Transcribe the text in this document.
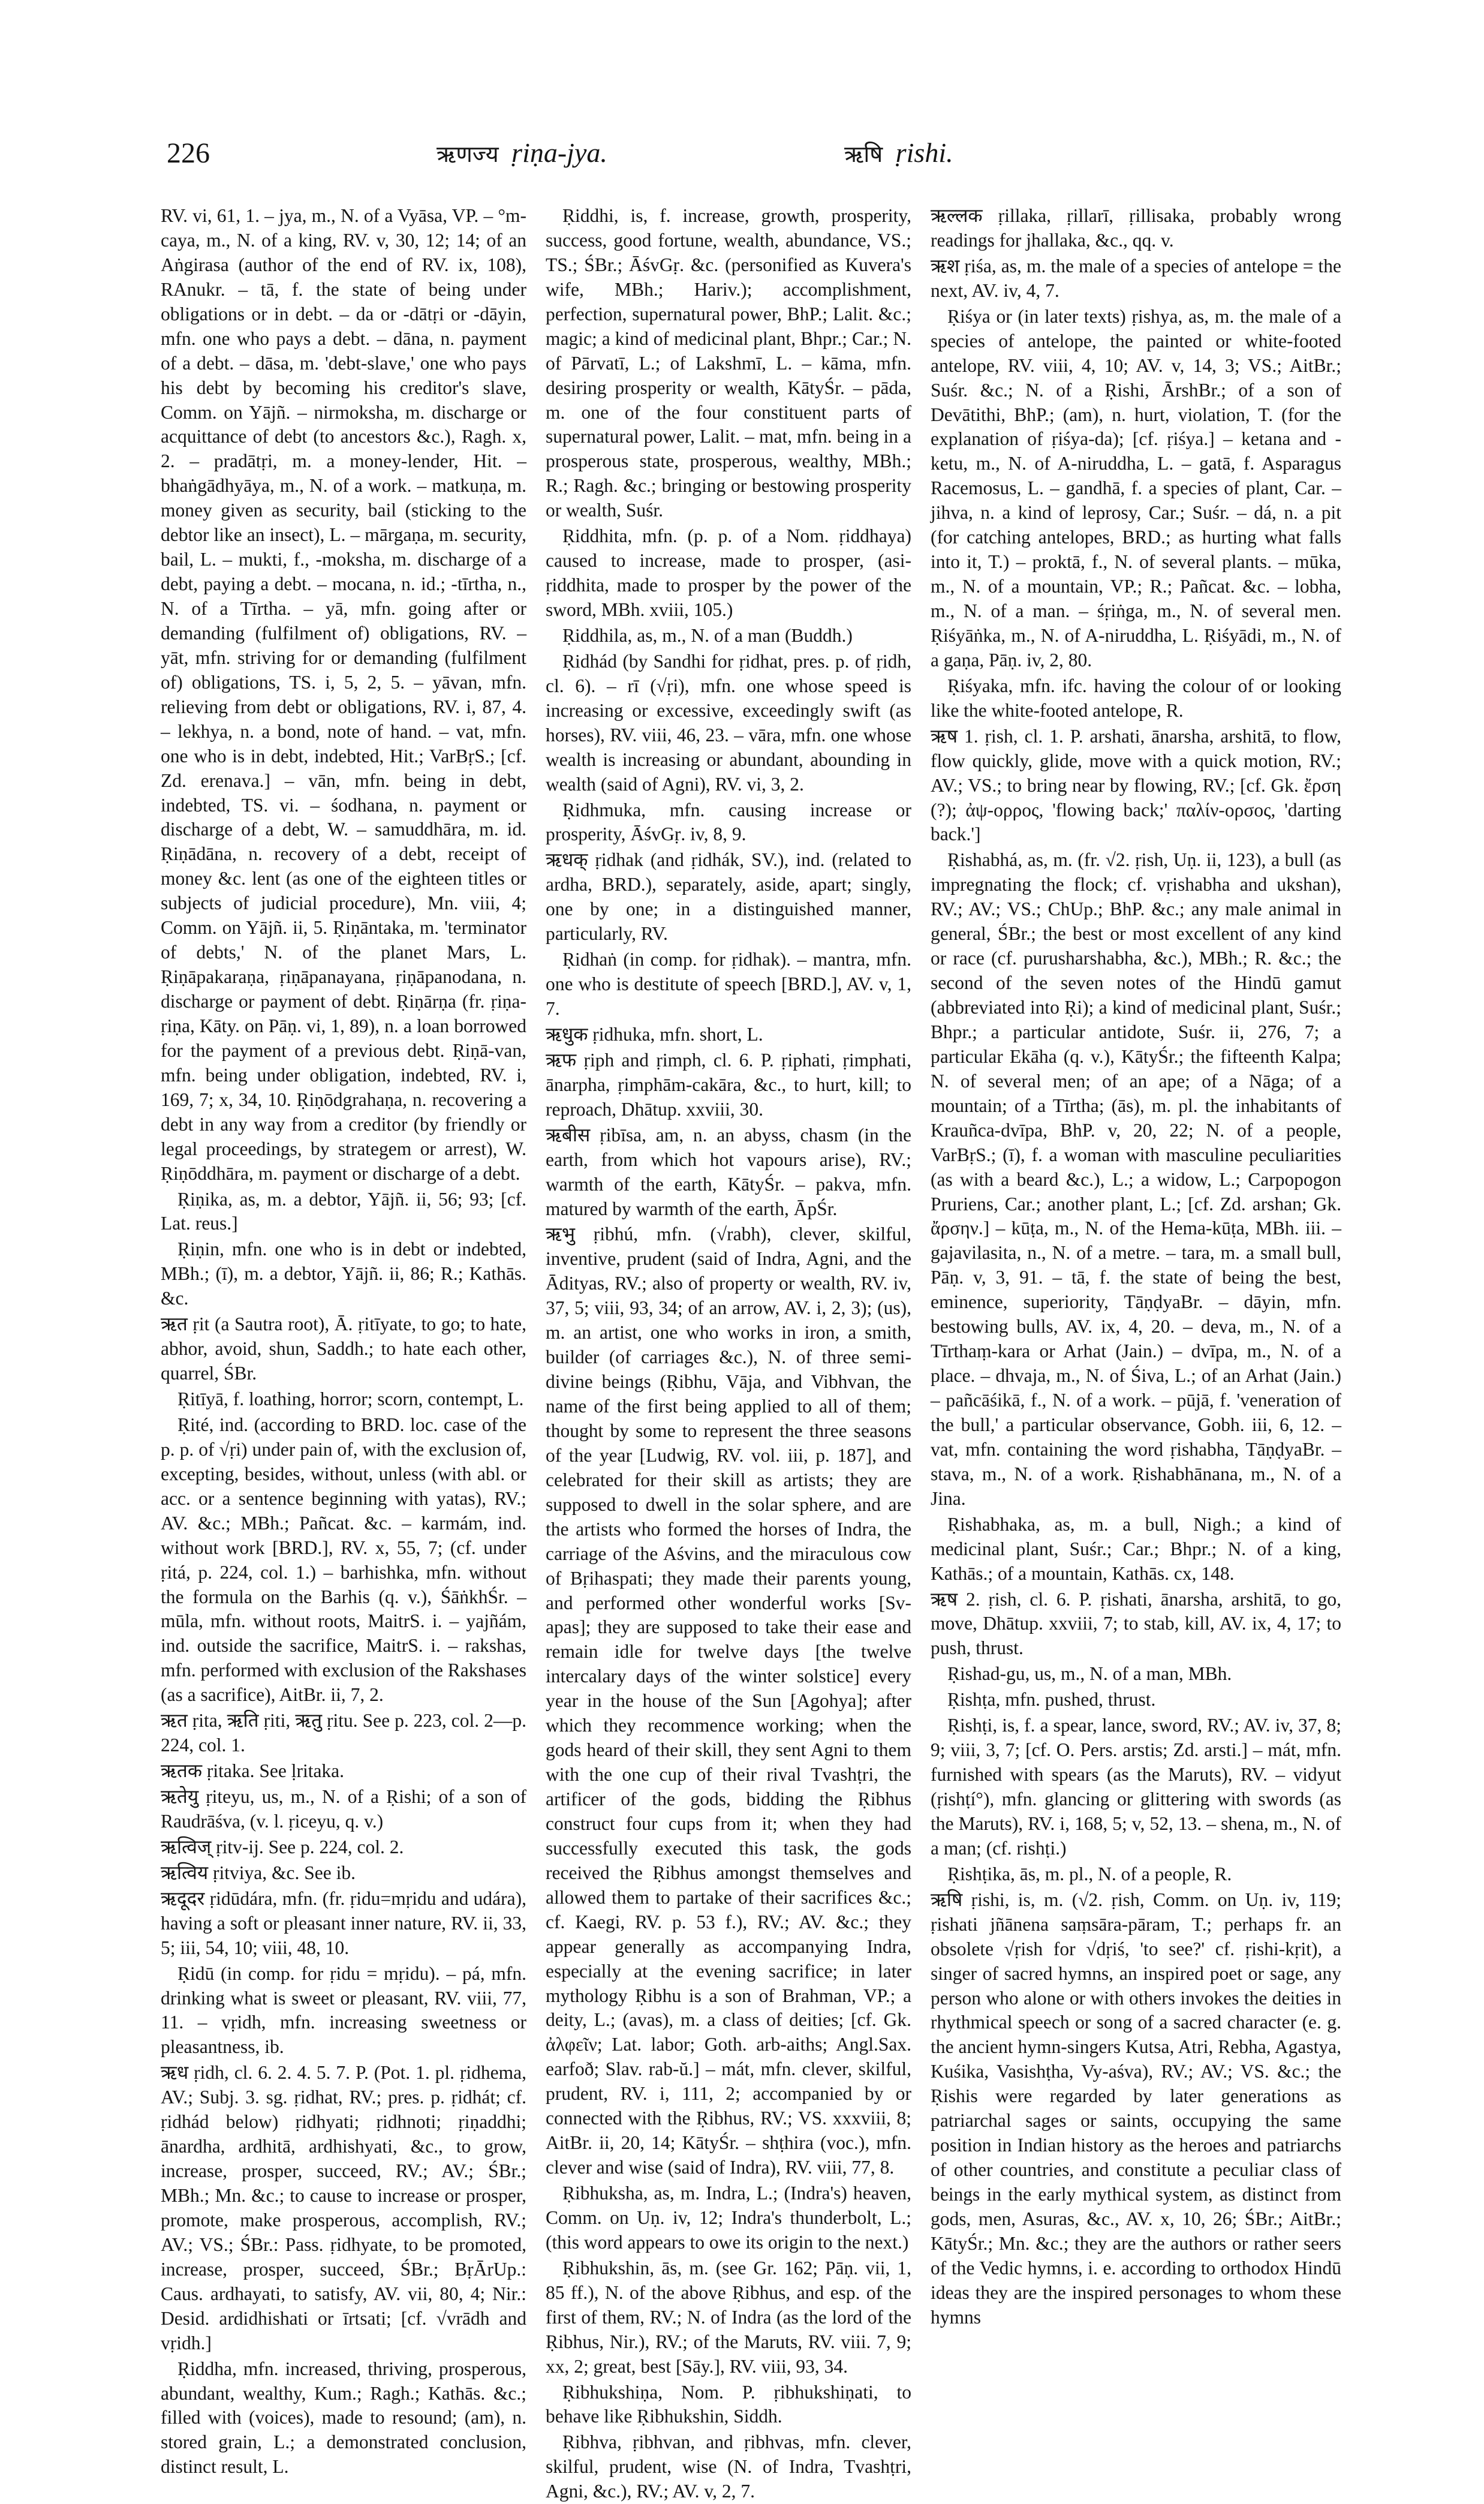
226	ऋणज्य ṛiṇa-jya.	ऋषि ṛishi.

RV. vi, 61, 1. – jya, m., N. of a Vyāsa, VP. – °m-caya, m., N. of a king, RV. v, 30, 12; 14; of an Aṅgirasa (author of the end of RV. ix, 108), RAnukr. – tā, f. the state of being under obligations or in debt. – da or -dātṛi or -dāyin, mfn. one who pays a debt. – dāna, n. payment of a debt. – dāsa, m. 'debt-slave,' one who pays his debt by becoming his creditor's slave, Comm. on Yājñ. – nirmoksha, m. discharge or acquittance of debt (to ancestors &c.), Ragh. x, 2. – pradātṛi, m. a money-lender, Hit. – bhaṅgādhyāya, m., N. of a work. – matkuṇa, m. money given as security, bail (sticking to the debtor like an insect), L. – mārgaṇa, m. security, bail, L. – mukti, f., -moksha, m. discharge of a debt, paying a debt. – mocana, n. id.; -tīrtha, n., N. of a Tīrtha. – yā, mfn. going after or demanding (fulfilment of) obligations, RV. – yāt, mfn. striving for or demanding (fulfilment of) obligations, TS. i, 5, 2, 5. – yāvan, mfn. relieving from debt or obligations, RV. i, 87, 4. – lekhya, n. a bond, note of hand. – vat, mfn. one who is in debt, indebted, Hit.; VarBṛS.; [cf. Zd. erenava.] – vān, mfn. being in debt, indebted, TS. vi. – śodhana, n. payment or discharge of a debt, W. – samuddhāra, m. id. Ṛiṇādāna, n. recovery of a debt, receipt of money &c. lent (as one of the eighteen titles or subjects of judicial procedure), Mn. viii, 4; Comm. on Yājñ. ii, 5. Ṛiṇāntaka, m. 'terminator of debts,' N. of the planet Mars, L. Ṛiṇāpakaraṇa, ṛiṇāpanayana, ṛiṇāpanodana, n. discharge or payment of debt. Ṛiṇārṇa (fr. ṛiṇa-ṛiṇa, Kāty. on Pāṇ. vi, 1, 89), n. a loan borrowed for the payment of a previous debt. Ṛiṇā-van, mfn. being under obligation, indebted, RV. i, 169, 7; x, 34, 10. Ṛiṇōdgrahaṇa, n. recovering a debt in any way from a creditor (by friendly or legal proceedings, by strategem or arrest), W. Ṛiṇōddhāra, m. payment or discharge of a debt.

Ṛiṇika, as, m. a debtor, Yājñ. ii, 56; 93; [cf. Lat. reus.]

Ṛiṇin, mfn. one who is in debt or indebted, MBh.; (ī), m. a debtor, Yājñ. ii, 86; R.; Kathās. &c.

ऋत ṛit (a Sautra root), Ā. ṛitīyate, to go; to hate, abhor, avoid, shun, Saddh.; to hate each other, quarrel, ŚBr.

Ṛitīyā, f. loathing, horror; scorn, contempt, L.

Ṛité, ind. (according to BRD. loc. case of the p. p. of √ṛi) under pain of, with the exclusion of, excepting, besides, without, unless (with abl. or acc. or a sentence beginning with yatas), RV.; AV. &c.; MBh.; Pañcat. &c. – karmám, ind. without work [BRD.], RV. x, 55, 7; (cf. under ṛitá, p. 224, col. 1.) – barhishka, mfn. without the formula on the Barhis (q. v.), ŚāṅkhŚr. – mūla, mfn. without roots, MaitrS. i. – yajñám, ind. outside the sacrifice, MaitrS. i. – rakshas, mfn. performed with exclusion of the Rakshases (as a sacrifice), AitBr. ii, 7, 2.

ऋत ṛita, ऋति ṛiti, ऋतु ṛitu. See p. 223, col. 2—p. 224, col. 1.

ऋतक ṛitaka. See ḷritaka.

ऋतेयु ṛiteyu, us, m., N. of a Ṛishi; of a son of Raudrāśva, (v. l. ṛiceyu, q. v.)

ऋत्विज् ṛitv-ij. See p. 224, col. 2.

ऋत्विय ṛitviya, &c. See ib.

ऋदूदर ṛidūdára, mfn. (fr. ṛidu=mṛidu and udára), having a soft or pleasant inner nature, RV. ii, 33, 5; iii, 54, 10; viii, 48, 10.

Ṛidū (in comp. for ṛidu = mṛidu). – pá, mfn. drinking what is sweet or pleasant, RV. viii, 77, 11. – vṛidh, mfn. increasing sweetness or pleasantness, ib.

ऋध ṛidh, cl. 6. 2. 4. 5. 7. P. (Pot. 1. pl. ṛidhema, AV.; Subj. 3. sg. ṛidhat, RV.; pres. p. ṛidhát; cf. ṛidhád below) ṛidhyati; ṛidhnoti; ṛiṇaddhi; ānardha, ardhitā, ardhishyati, &c., to grow, increase, prosper, succeed, RV.; AV.; ŚBr.; MBh.; Mn. &c.; to cause to increase or prosper, promote, make prosperous, accomplish, RV.; AV.; VS.; ŚBr.: Pass. ṛidhyate, to be promoted, increase, prosper, succeed, ŚBr.; BṛĀrUp.: Caus. ardhayati, to satisfy, AV. vii, 80, 4; Nir.: Desid. ardidhishati or īrtsati; [cf. √vrādh and vṛidh.]

Ṛiddha, mfn. increased, thriving, prosperous, abundant, wealthy, Kum.; Ragh.; Kathās. &c.; filled with (voices), made to resound; (am), n. stored grain, L.; a demonstrated conclusion, distinct result, L.

Ṛiddhi, is, f. increase, growth, prosperity, success, good fortune, wealth, abundance, VS.; TS.; ŚBr.; ĀśvGṛ. &c. (personified as Kuvera's wife, MBh.; Hariv.); accomplishment, perfection, supernatural power, BhP.; Lalit. &c.; magic; a kind of medicinal plant, Bhpr.; Car.; N. of Pārvatī, L.; of Lakshmī, L. – kāma, mfn. desiring prosperity or wealth, KātyŚr. – pāda, m. one of the four constituent parts of supernatural power, Lalit. – mat, mfn. being in a prosperous state, prosperous, wealthy, MBh.; R.; Ragh. &c.; bringing or bestowing prosperity or wealth, Suśr.

Ṛiddhita, mfn. (p. p. of a Nom. ṛiddhaya) caused to increase, made to prosper, (asi-ṛiddhita, made to prosper by the power of the sword, MBh. xviii, 105.)

Ṛiddhila, as, m., N. of a man (Buddh.)

Ṛidhád (by Sandhi for ṛidhat, pres. p. of ṛidh, cl. 6). – rī (√ṛi), mfn. one whose speed is increasing or excessive, exceedingly swift (as horses), RV. viii, 46, 23. – vāra, mfn. one whose wealth is increasing or abundant, abounding in wealth (said of Agni), RV. vi, 3, 2.

Ṛidhmuka, mfn. causing increase or prosperity, ĀśvGṛ. iv, 8, 9.

ऋधक् ṛidhak (and ṛidhák, SV.), ind. (related to ardha, BRD.), separately, aside, apart; singly, one by one; in a distinguished manner, particularly, RV.

Ṛidhaṅ (in comp. for ṛidhak). – mantra, mfn. one who is destitute of speech [BRD.], AV. v, 1, 7.

ऋधुक ṛidhuka, mfn. short, L.

ऋफ ṛiph and ṛimph, cl. 6. P. ṛiphati, ṛimphati, ānarpha, ṛimphām-cakāra, &c., to hurt, kill; to reproach, Dhātup. xxviii, 30.

ऋबीस ṛibīsa, am, n. an abyss, chasm (in the earth, from which hot vapours arise), RV.; warmth of the earth, KātyŚr. – pakva, mfn. matured by warmth of the earth, ĀpŚr.

ऋभु ṛibhú, mfn. (√rabh), clever, skilful, inventive, prudent (said of Indra, Agni, and the Ādityas, RV.; also of property or wealth, RV. iv, 37, 5; viii, 93, 34; of an arrow, AV. i, 2, 3); (us), m. an artist, one who works in iron, a smith, builder (of carriages &c.), N. of three semi-divine beings (Ṛibhu, Vāja, and Vibhvan, the name of the first being applied to all of them; thought by some to represent the three seasons of the year [Ludwig, RV. vol. iii, p. 187], and celebrated for their skill as artists; they are supposed to dwell in the solar sphere, and are the artists who formed the horses of Indra, the carriage of the Aśvins, and the miraculous cow of Bṛihaspati; they made their parents young, and performed other wonderful works [Sv-apas]; they are supposed to take their ease and remain idle for twelve days [the twelve intercalary days of the winter solstice] every year in the house of the Sun [Agohya]; after which they recommence working; when the gods heard of their skill, they sent Agni to them with the one cup of their rival Tvashṭri, the artificer of the gods, bidding the Ṛibhus construct four cups from it; when they had successfully executed this task, the gods received the Ṛibhus amongst themselves and allowed them to partake of their sacrifices &c.; cf. Kaegi, RV. p. 53 f.), RV.; AV. &c.; they appear generally as accompanying Indra, especially at the evening sacrifice; in later mythology Ṛibhu is a son of Brahman, VP.; a deity, L.; (avas), m. a class of deities; [cf. Gk. ἀλφεῖν; Lat. labor; Goth. arb-aiths; Angl.Sax. earfoð; Slav. rab-ŭ.] – mát, mfn. clever, skilful, prudent, RV. i, 111, 2; accompanied by or connected with the Ṛibhus, RV.; VS. xxxviii, 8; AitBr. ii, 20, 14; KātyŚr. – shṭhira (voc.), mfn. clever and wise (said of Indra), RV. viii, 77, 8.

Ṛibhuksha, as, m. Indra, L.; (Indra's) heaven, Comm. on Uṇ. iv, 12; Indra's thunderbolt, L.; (this word appears to owe its origin to the next.)

Ṛibhukshin, ās, m. (see Gr. 162; Pāṇ. vii, 1, 85 ff.), N. of the above Ṛibhus, and esp. of the first of them, RV.; N. of Indra (as the lord of the Ṛibhus, Nir.), RV.; of the Maruts, RV. viii. 7, 9; xx, 2; great, best [Sāy.], RV. viii, 93, 34.

Ṛibhukshiṇa, Nom. P. ṛibhukshiṇati, to behave like Ṛibhukshin, Siddh.

Ṛibhva, ṛibhvan, and ṛibhvas, mfn. clever, skilful, prudent, wise (N. of Indra, Tvashṭri, Agni, &c.), RV.; AV. v, 2, 7.

ऋल्लक ṛillaka, ṛillarī, ṛillisaka, probably wrong readings for jhallaka, &c., qq. v.

ऋश ṛiśa, as, m. the male of a species of antelope = the next, AV. iv, 4, 7.

Ṛiśya or (in later texts) ṛishya, as, m. the male of a species of antelope, the painted or white-footed antelope, RV. viii, 4, 10; AV. v, 14, 3; VS.; AitBr.; Suśr. &c.; N. of a Ṛishi, ĀrshBr.; of a son of Devātithi, BhP.; (am), n. hurt, violation, T. (for the explanation of ṛiśya-da); [cf. ṛiśya.] – ketana and -ketu, m., N. of A-niruddha, L. – gatā, f. Asparagus Racemosus, L. – gandhā, f. a species of plant, Car. – jihva, n. a kind of leprosy, Car.; Suśr. – dá, n. a pit (for catching antelopes, BRD.; as hurting what falls into it, T.) – proktā, f., N. of several plants. – mūka, m., N. of a mountain, VP.; R.; Pañcat. &c. – lobha, m., N. of a man. – śṛiṅga, m., N. of several men. Ṛiśyāṅka, m., N. of A-niruddha, L. Ṛiśyādi, m., N. of a gaṇa, Pāṇ. iv, 2, 80.

Ṛiśyaka, mfn. ifc. having the colour of or looking like the white-footed antelope, R.

ऋष 1. ṛish, cl. 1. P. arshati, ānarsha, arshitā, to flow, flow quickly, glide, move with a quick motion, RV.; AV.; VS.; to bring near by flowing, RV.; [cf. Gk. ἔρση (?); ἀψ-ορρος, 'flowing back;' παλίν-ορσος, 'darting back.']

Ṛishabhá, as, m. (fr. √2. ṛish, Uṇ. ii, 123), a bull (as impregnating the flock; cf. vṛishabha and ukshan), RV.; AV.; VS.; ChUp.; BhP. &c.; any male animal in general, ŚBr.; the best or most excellent of any kind or race (cf. purusharshabha, &c.), MBh.; R. &c.; the second of the seven notes of the Hindū gamut (abbreviated into Ṛi); a kind of medicinal plant, Suśr.; Bhpr.; a particular antidote, Suśr. ii, 276, 7; a particular Ekāha (q. v.), KātyŚr.; the fifteenth Kalpa; N. of several men; of an ape; of a Nāga; of a mountain; of a Tīrtha; (ās), m. pl. the inhabitants of Krauñca-dvīpa, BhP. v, 20, 22; N. of a people, VarBṛS.; (ī), f. a woman with masculine peculiarities (as with a beard &c.), L.; a widow, L.; Carpopogon Pruriens, Car.; another plant, L.; [cf. Zd. arshan; Gk. ἄρσην.] – kūṭa, m., N. of the Hema-kūṭa, MBh. iii. – gajavilasita, n., N. of a metre. – tara, m. a small bull, Pāṇ. v, 3, 91. – tā, f. the state of being the best, eminence, superiority, TāṇḍyaBr. – dāyin, mfn. bestowing bulls, AV. ix, 4, 20. – deva, m., N. of a Tīrthaṃ-kara or Arhat (Jain.) – dvīpa, m., N. of a place. – dhvaja, m., N. of Śiva, L.; of an Arhat (Jain.) – pañcāśikā, f., N. of a work. – pūjā, f. 'veneration of the bull,' a particular observance, Gobh. iii, 6, 12. – vat, mfn. containing the word ṛishabha, TāṇḍyaBr. – stava, m., N. of a work. Ṛishabhānana, m., N. of a Jina.

Ṛishabhaka, as, m. a bull, Nigh.; a kind of medicinal plant, Suśr.; Car.; Bhpr.; N. of a king, Kathās.; of a mountain, Kathās. cx, 148.

ऋष 2. ṛish, cl. 6. P. ṛishati, ānarsha, arshitā, to go, move, Dhātup. xxviii, 7; to stab, kill, AV. ix, 4, 17; to push, thrust.

Ṛishad-gu, us, m., N. of a man, MBh.

Ṛishṭa, mfn. pushed, thrust.

Ṛishṭi, is, f. a spear, lance, sword, RV.; AV. iv, 37, 8; 9; viii, 3, 7; [cf. O. Pers. arstis; Zd. arsti.] – mát, mfn. furnished with spears (as the Maruts), RV. – vidyut (ṛishṭí°), mfn. glancing or glittering with swords (as the Maruts), RV. i, 168, 5; v, 52, 13. – shena, m., N. of a man; (cf. rishṭi.)

Ṛishṭika, ās, m. pl., N. of a people, R.

ऋषि ṛishi, is, m. (√2. ṛish, Comm. on Uṇ. iv, 119; ṛishati jñānena saṃsāra-pāram, T.; perhaps fr. an obsolete √ṛish for √dṛiś, 'to see?' cf. ṛishi-kṛit), a singer of sacred hymns, an inspired poet or sage, any person who alone or with others invokes the deities in rhythmical speech or song of a sacred character (e. g. the ancient hymn-singers Kutsa, Atri, Rebha, Agastya, Kuśika, Vasishṭha, Vy-aśva), RV.; AV.; VS. &c.; the Ṛishis were regarded by later generations as patriarchal sages or saints, occupying the same position in Indian history as the heroes and patriarchs of other countries, and constitute a peculiar class of beings in the early mythical system, as distinct from gods, men, Asuras, &c., AV. x, 10, 26; ŚBr.; AitBr.; KātyŚr.; Mn. &c.; they are the authors or rather seers of the Vedic hymns, i. e. according to orthodox Hindū ideas they are the inspired personages to whom these hymns
